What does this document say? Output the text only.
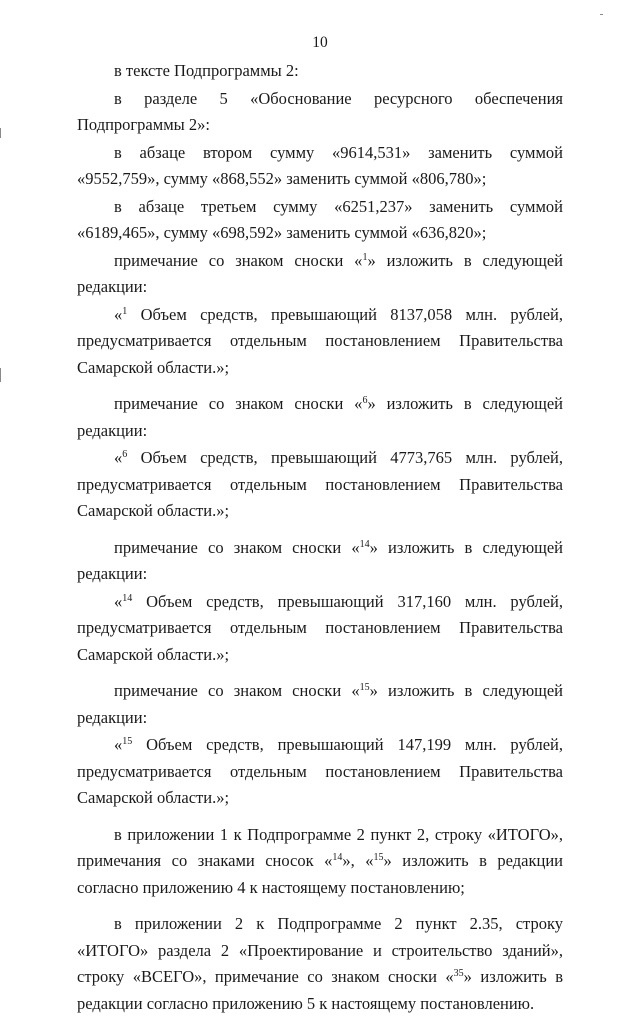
10

в тексте Подпрограммы 2:

в разделе 5 «Обоснование ресурсного обеспечения Подпрограммы 2»:

в абзаце втором сумму «9614,531» заменить суммой «9552,759», сумму «868,552» заменить суммой «806,780»;

в абзаце третьем сумму «6251,237» заменить суммой «6189,465», сумму «698,592» заменить суммой «636,820»;

примечание со знаком сноски «$^1$» изложить в следующей редакции:

«$^1$ Объем средств, превышающий 8137,058 млн. рублей, предусматривается отдельным постановлением Правительства Самарской области.»;

примечание со знаком сноски «$^6$» изложить в следующей редакции:

«$^6$ Объем средств, превышающий 4773,765 млн. рублей, предусматривается отдельным постановлением Правительства Самарской области.»;

примечание со знаком сноски «$^{14}$» изложить в следующей редакции:

«$^{14}$ Объем средств, превышающий 317,160 млн. рублей, предусматривается отдельным постановлением Правительства Самарской области.»;

примечание со знаком сноски «$^{15}$» изложить в следующей редакции:

«$^{15}$ Объем средств, превышающий 147,199 млн. рублей, предусматривается отдельным постановлением Правительства Самарской области.»;

в приложении 1 к Подпрограмме 2 пункт 2, строку «ИТОГО», примечания со знаками сносок «$^{14}$», «$^{15}$» изложить в редакции согласно приложению 4 к настоящему постановлению;

в приложении 2 к Подпрограмме 2 пункт 2.35, строку «ИТОГО» раздела 2 «Проектирование и строительство зданий», строку «ВСЕГО», примечание со знаком сноски «$^{35}$» изложить в редакции согласно приложению 5 к настоящему постановлению.
